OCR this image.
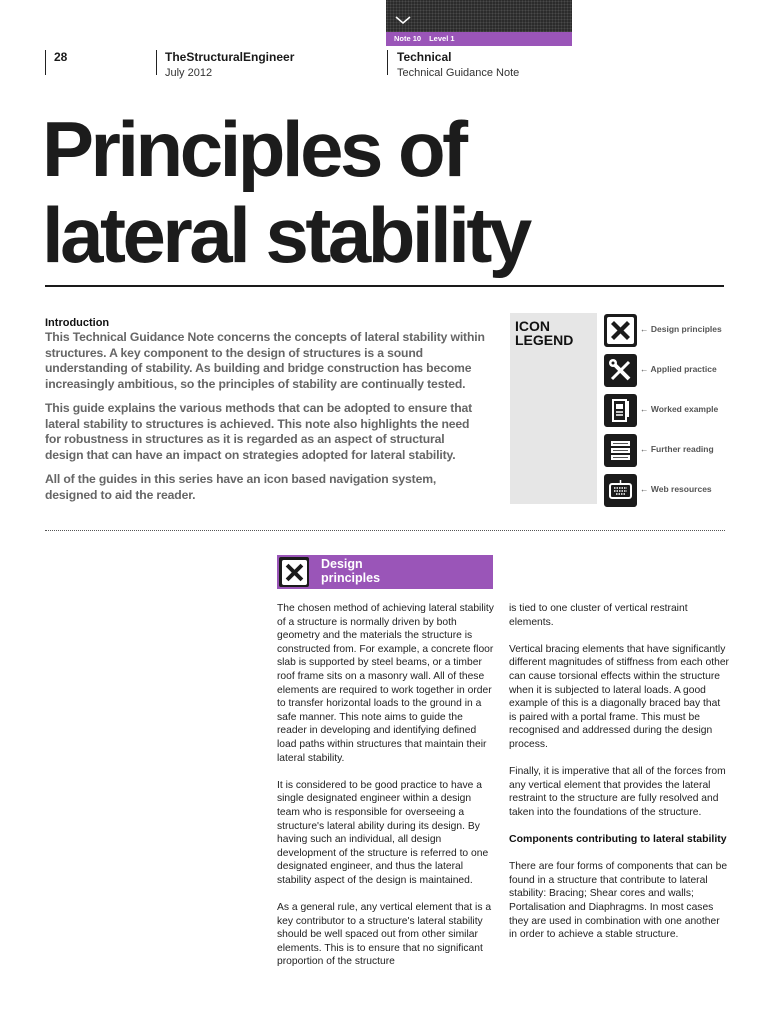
Note 10 Level 1
28	TheStructuralEngineer
July 2012
Technical
Technical Guidance Note
Principles of
lateral stability
Introduction

This Technical Guidance Note concerns the concepts of lateral stability within structures. A key component to the design of structures is a sound understanding of stability. As building and bridge construction has become increasingly ambitious, so the principles of stability are continually tested.

This guide explains the various methods that can be adopted to ensure that lateral stability to structures is achieved. This note also highlights the need for robustness in structures as it is regarded as an aspect of structural design that can have an impact on strategies adopted for lateral stability.

All of the guides in this series have an icon based navigation system, designed to aid the reader.

ICON
LEGEND
← Design principles
← Applied practice
← Worked example
← Further reading
← Web resources
Design
principles

The chosen method of achieving lateral stability of a structure is normally driven by both geometry and the materials the structure is constructed from. For example, a concrete floor slab is supported by steel beams, or a timber roof frame sits on a masonry wall. All of these elements are required to work together in order to transfer horizontal loads to the ground in a safe manner. This note aims to guide the reader in developing and identifying defined load paths within structures that maintain their lateral stability.

It is considered to be good practice to have a single designated engineer within a design team who is responsible for overseeing a structure's lateral ability during its design. By having such an individual, all design development of the structure is referred to one designated engineer, and thus the lateral stability aspect of the design is maintained.

As a general rule, any vertical element that is a key contributor to a structure's lateral stability should be well spaced out from other similar elements. This is to ensure that no significant proportion of the structure

is tied to one cluster of vertical restraint elements.

Vertical bracing elements that have significantly different magnitudes of stiffness from each other can cause torsional effects within the structure when it is subjected to lateral loads. A good example of this is a diagonally braced bay that is paired with a portal frame. This must be recognised and addressed during the design process.

Finally, it is imperative that all of the forces from any vertical element that provides the lateral restraint to the structure are fully resolved and taken into the foundations of the structure.

Components contributing to lateral stability

There are four forms of components that can be found in a structure that contribute to lateral stability: Bracing; Shear cores and walls; Portalisation and Diaphragms. In most cases they are used in combination with one another in order to achieve a stable structure.
